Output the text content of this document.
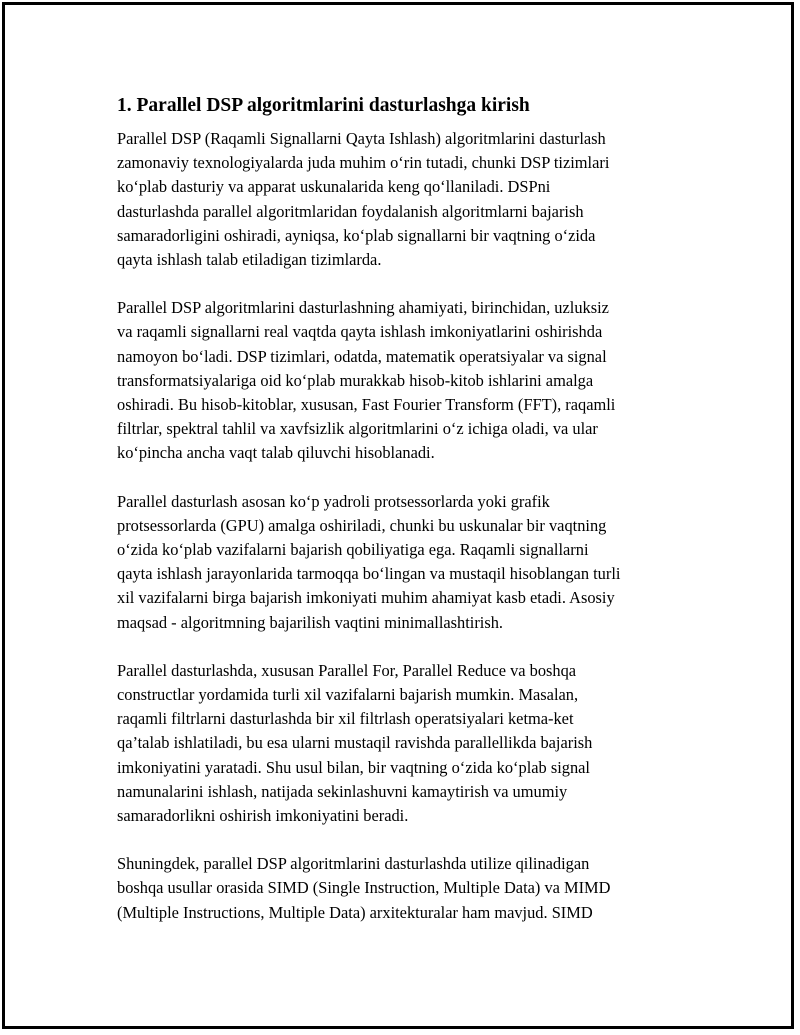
1. Parallel DSP algoritmlarini dasturlashga kirish

Parallel DSP (Raqamli Signallarni Qayta Ishlash) algoritmlarini dasturlash
zamonaviy texnologiyalarda juda muhim o‘rin tutadi, chunki DSP tizimlari
ko‘plab dasturiy va apparat uskunalarida keng qo‘llaniladi. DSPni
dasturlashda parallel algoritmlaridan foydalanish algoritmlarni bajarish
samaradorligini oshiradi, ayniqsa, ko‘plab signallarni bir vaqtning o‘zida
qayta ishlash talab etiladigan tizimlarda.

Parallel DSP algoritmlarini dasturlashning ahamiyati, birinchidan, uzluksiz
va raqamli signallarni real vaqtda qayta ishlash imkoniyatlarini oshirishda
namoyon bo‘ladi. DSP tizimlari, odatda, matematik operatsiyalar va signal
transformatsiyalariga oid ko‘plab murakkab hisob-kitob ishlarini amalga
oshiradi. Bu hisob-kitoblar, xususan, Fast Fourier Transform (FFT), raqamli
filtrlar, spektral tahlil va xavfsizlik algoritmlarini o‘z ichiga oladi, va ular
ko‘pincha ancha vaqt talab qiluvchi hisoblanadi.

Parallel dasturlash asosan ko‘p yadroli protsessorlarda yoki grafik
protsessorlarda (GPU) amalga oshiriladi, chunki bu uskunalar bir vaqtning
o‘zida ko‘plab vazifalarni bajarish qobiliyatiga ega. Raqamli signallarni
qayta ishlash jarayonlarida tarmoqqa bo‘lingan va mustaqil hisoblangan turli
xil vazifalarni birga bajarish imkoniyati muhim ahamiyat kasb etadi. Asosiy
maqsad - algoritmning bajarilish vaqtini minimallashtirish.

Parallel dasturlashda, xususan Parallel For, Parallel Reduce va boshqa
constructlar yordamida turli xil vazifalarni bajarish mumkin. Masalan,
raqamli filtrlarni dasturlashda bir xil filtrlash operatsiyalari ketma-ket
qa’talab ishlatiladi, bu esa ularni mustaqil ravishda parallellikda bajarish
imkoniyatini yaratadi. Shu usul bilan, bir vaqtning o‘zida ko‘plab signal
namunalarini ishlash, natijada sekinlashuvni kamaytirish va umumiy
samaradorlikni oshirish imkoniyatini beradi.

Shuningdek, parallel DSP algoritmlarini dasturlashda utilize qilinadigan
boshqa usullar orasida SIMD (Single Instruction, Multiple Data) va MIMD
(Multiple Instructions, Multiple Data) arxitekturalar ham mavjud. SIMD
